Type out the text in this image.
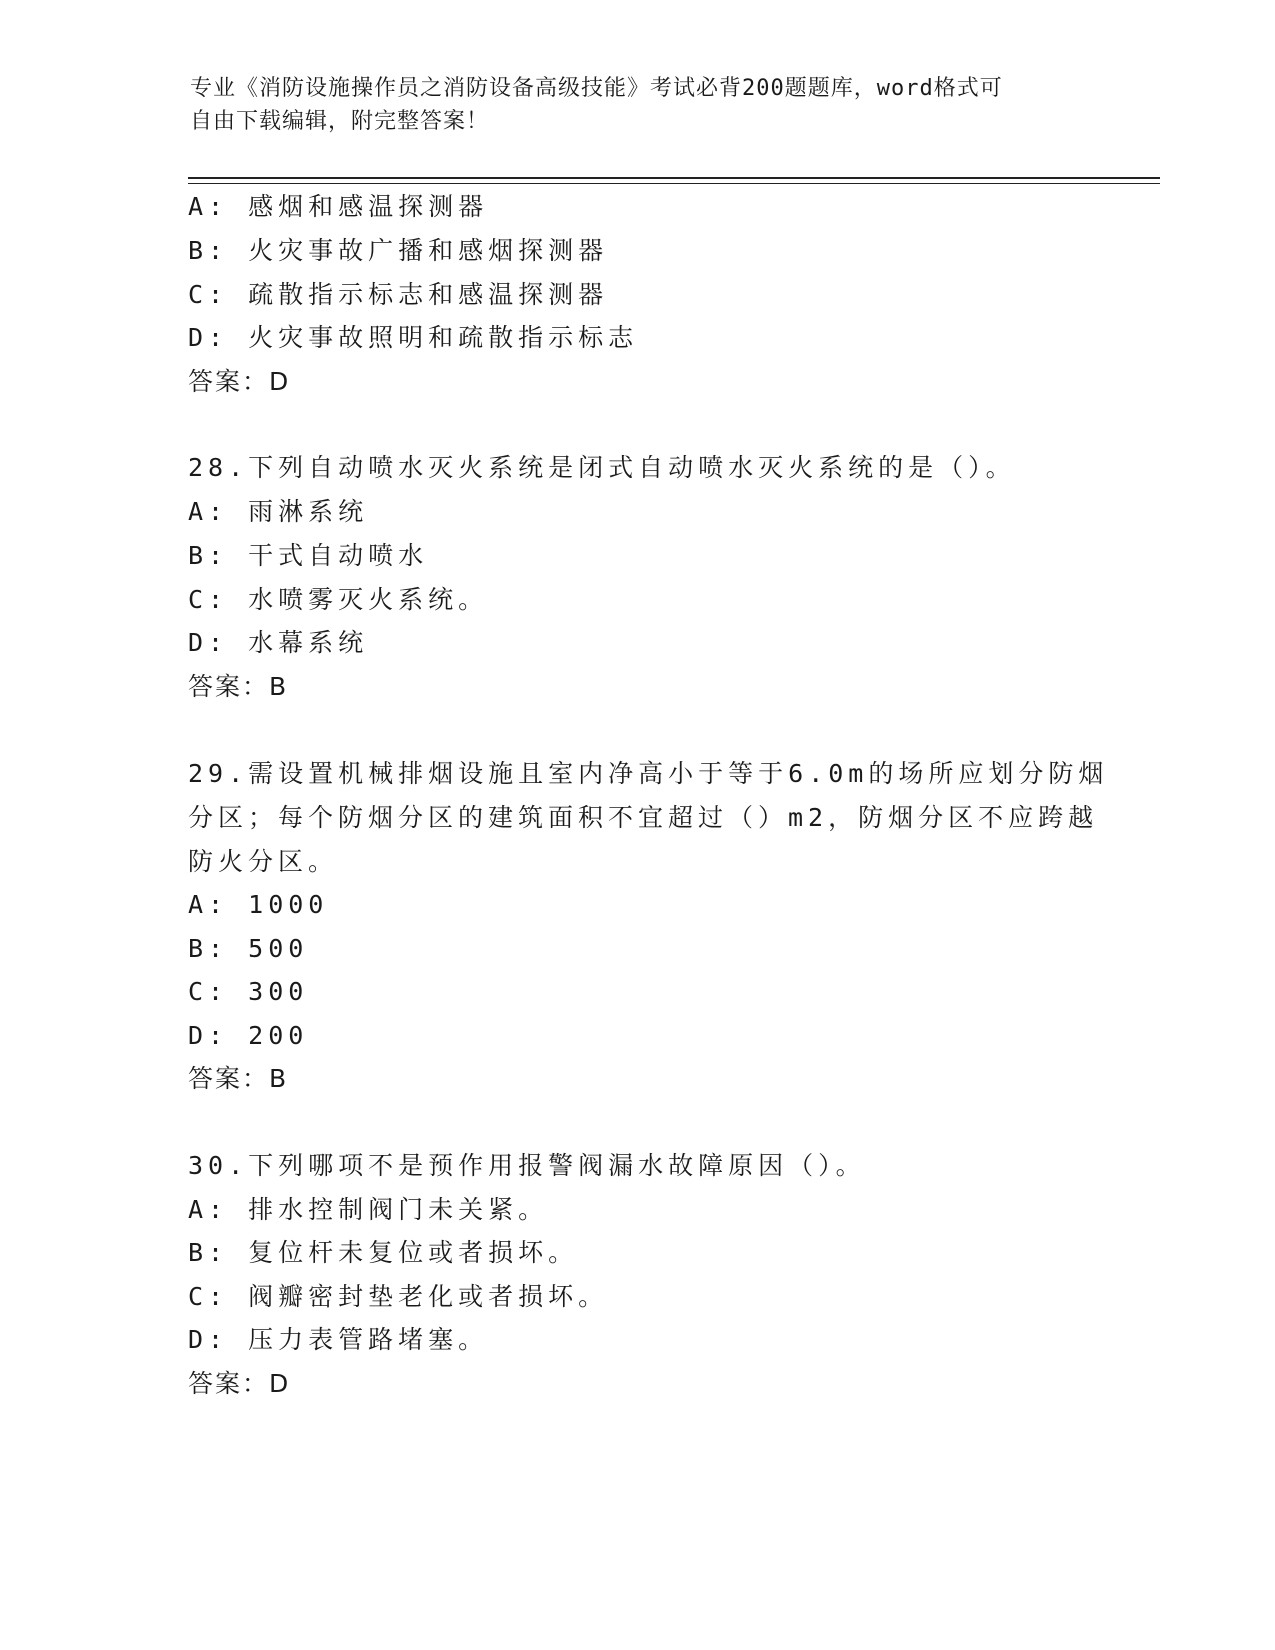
专业《消防设施操作员之消防设备高级技能》考试必背200题题库，word格式可
自由下载编辑，附完整答案！
A: 感烟和感温探测器
B: 火灾事故广播和感烟探测器
C: 疏散指示标志和感温探测器
D: 火灾事故照明和疏散指示标志
答案：D
28.下列自动喷水灭火系统是闭式自动喷水灭火系统的是（）。
A: 雨淋系统
B: 干式自动喷水
C: 水喷雾灭火系统。
D: 水幕系统
答案：B
29.需设置机械排烟设施且室内净高小于等于6.0m的场所应划分防烟
分区；每个防烟分区的建筑面积不宜超过（）m2，防烟分区不应跨越
防火分区。
A: 1000
B: 500
C: 300
D: 200
答案：B
30.下列哪项不是预作用报警阀漏水故障原因（）。
A: 排水控制阀门未关紧。
B: 复位杆未复位或者损坏。
C: 阀瓣密封垫老化或者损坏。
D: 压力表管路堵塞。
答案：D
